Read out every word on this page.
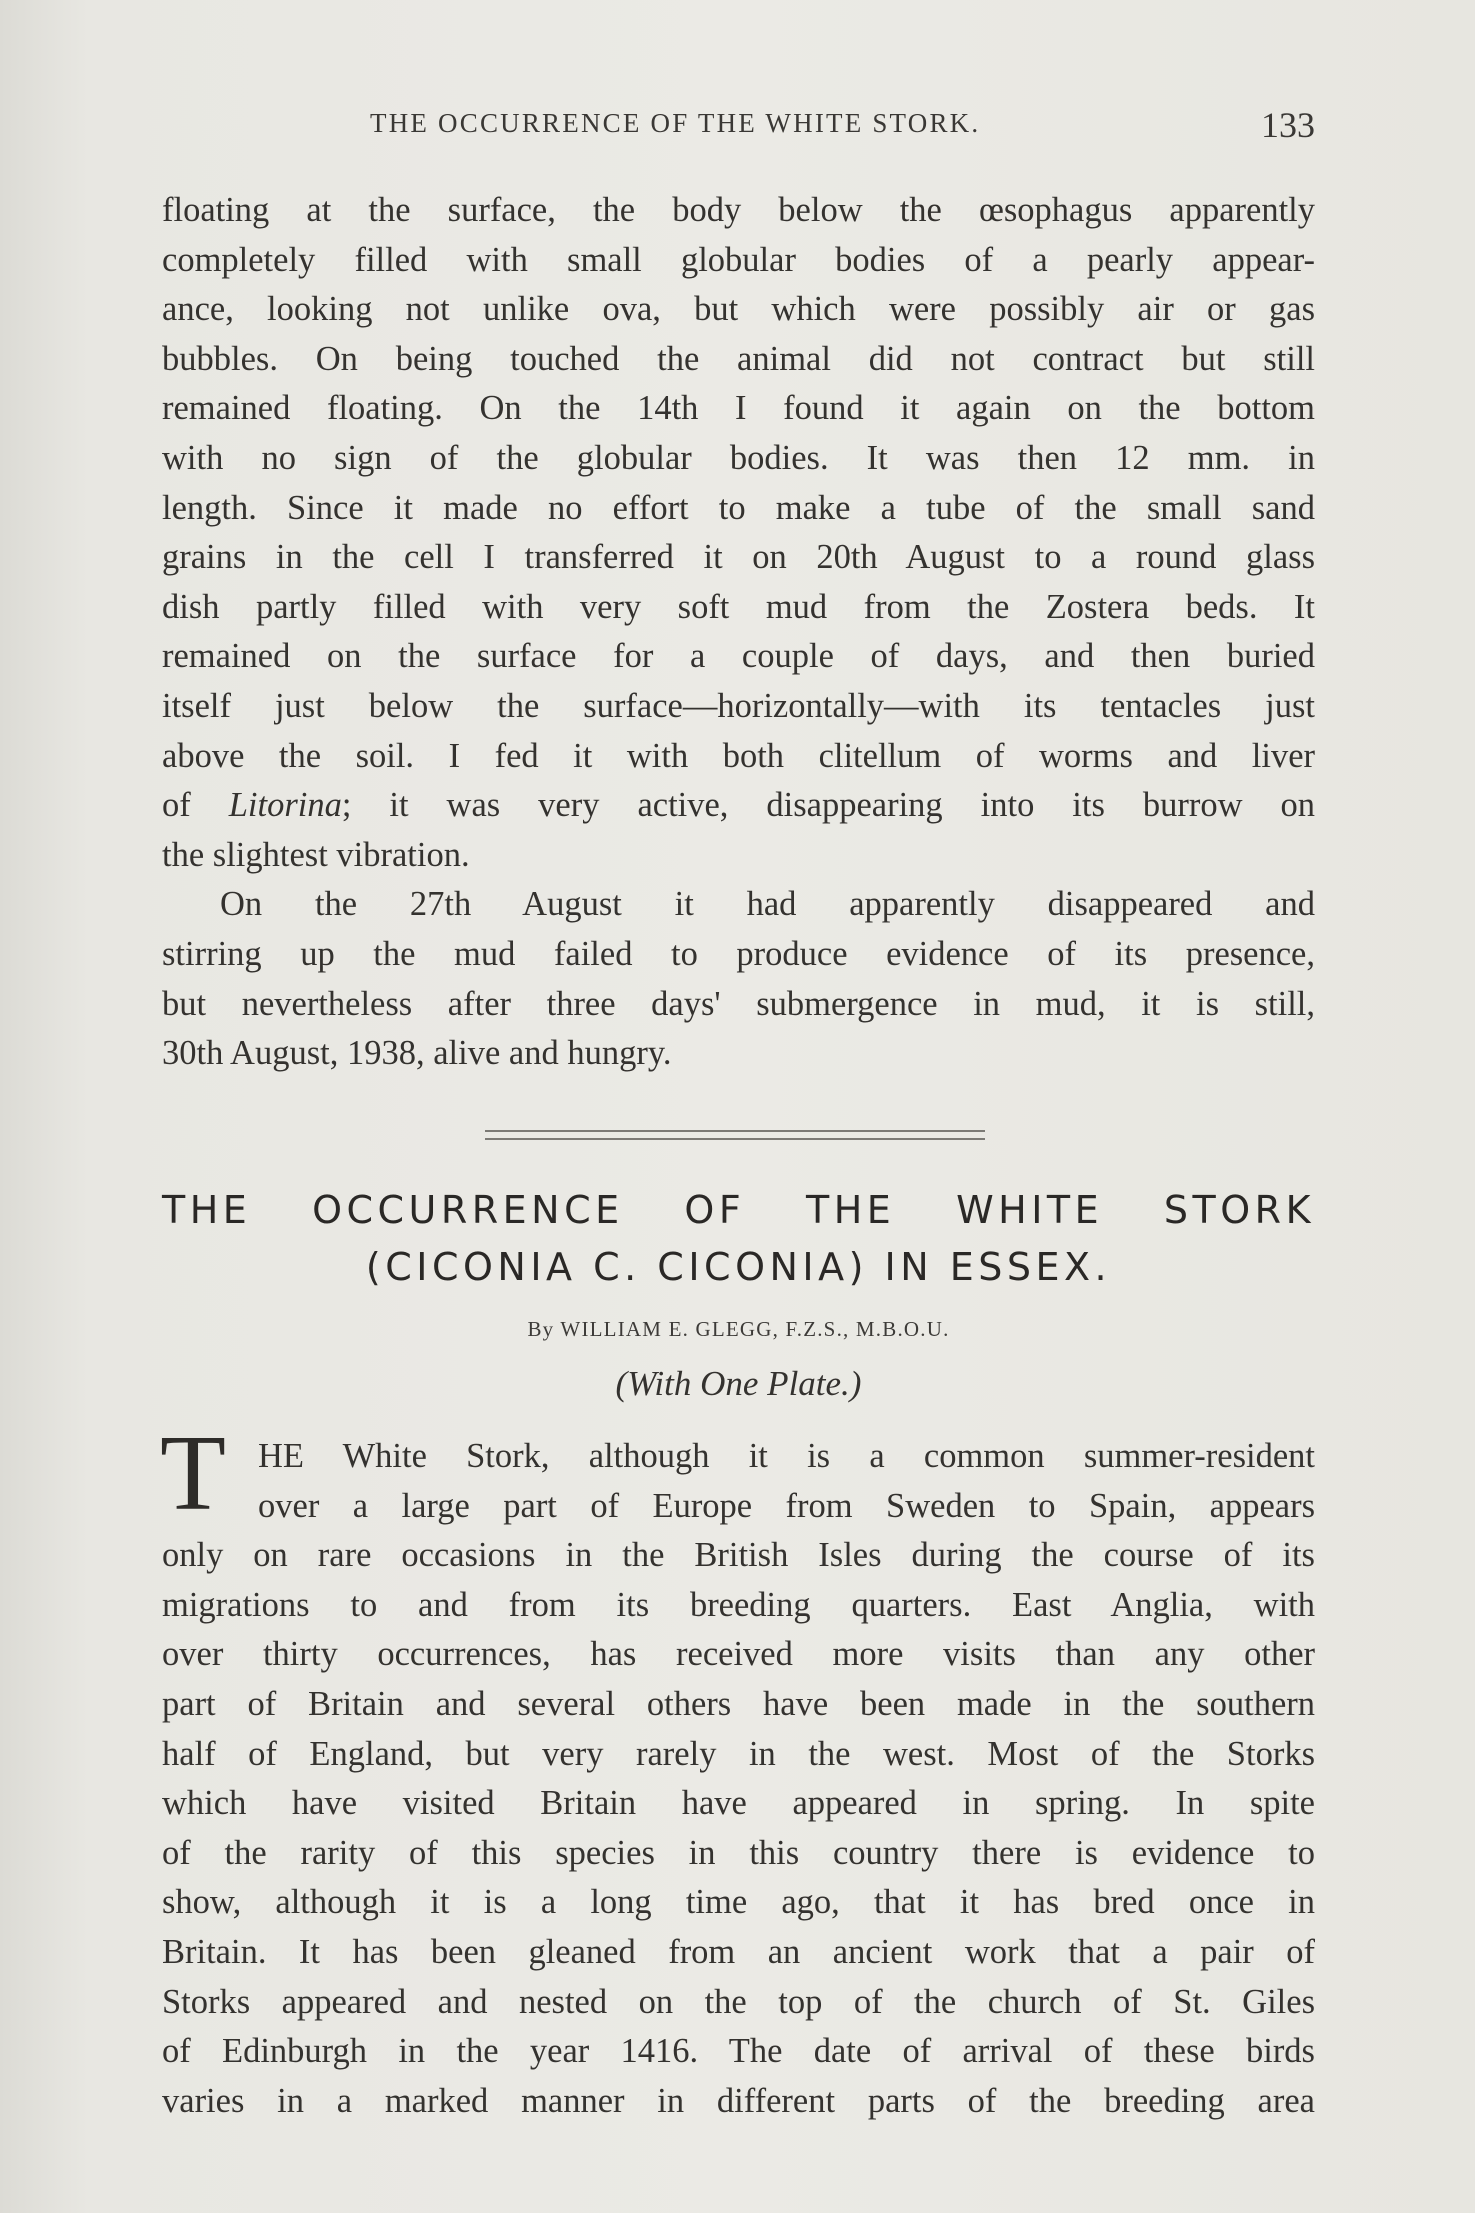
THE OCCURRENCE OF THE WHITE STORK.	133
floating at the surface, the body below the œsophagus apparently
completely filled with small globular bodies of a pearly appear-
ance, looking not unlike ova, but which were possibly air or gas
bubbles. On being touched the animal did not contract but still
remained floating. On the 14th I found it again on the bottom
with no sign of the globular bodies. It was then 12 mm. in
length. Since it made no effort to make a tube of the small sand
grains in the cell I transferred it on 20th August to a round glass
dish partly filled with very soft mud from the Zostera beds. It
remained on the surface for a couple of days, and then buried
itself just below the surface—horizontally—with its tentacles just
above the soil. I fed it with both clitellum of worms and liver
of Litorina; it was very active, disappearing into its burrow on
the slightest vibration.
On the 27th August it had apparently disappeared and
stirring up the mud failed to produce evidence of its presence,
but nevertheless after three days' submergence in mud, it is still,
30th August, 1938, alive and hungry.
THE OCCURRENCE OF THE WHITE STORK
(CICONIA C. CICONIA) IN ESSEX.
By WILLIAM E. GLEGG, F.Z.S., M.B.O.U.
(With One Plate.)
T HE White Stork, although it is a common summer-resident
over a large part of Europe from Sweden to Spain, appears
only on rare occasions in the British Isles during the course of its
migrations to and from its breeding quarters. East Anglia, with
over thirty occurrences, has received more visits than any other
part of Britain and several others have been made in the southern
half of England, but very rarely in the west. Most of the Storks
which have visited Britain have appeared in spring. In spite
of the rarity of this species in this country there is evidence to
show, although it is a long time ago, that it has bred once in
Britain. It has been gleaned from an ancient work that a pair of
Storks appeared and nested on the top of the church of St. Giles
of Edinburgh in the year 1416. The date of arrival of these birds
varies in a marked manner in different parts of the breeding area
